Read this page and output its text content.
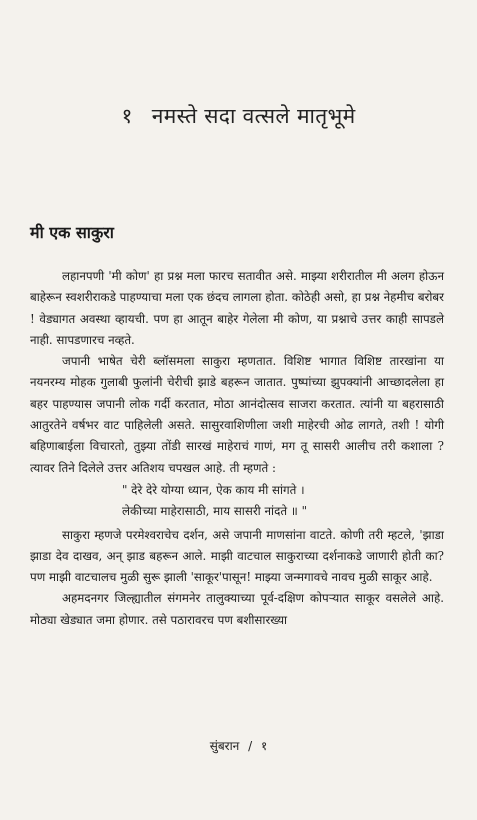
१ नमस्ते सदा वत्सले मातृभूमे
मी एक साकुरा

लहानपणी 'मी कोण' हा प्रश्न मला फारच सतावीत असे. माझ्या शरीरातील मी अलग होऊन बाहेरून स्वशरीराकडे पाहण्याचा मला एक छंदच लागला होता. कोठेही असो, हा प्रश्न नेहमीच बरोबर ! वेड्यागत अवस्था व्हायची. पण हा आतून बाहेर गेलेला मी कोण, या प्रश्नाचे उत्तर काही सापडले नाही. सापडणारच नव्हते.

जपानी भाषेत चेरी ब्लॉसमला साकुरा म्हणतात. विशिष्ट भागात विशिष्ट तारखांना या नयनरम्य मोहक गुलाबी फुलांनी चेरीची झाडे बहरून जातात. पुष्पांच्या झुपक्यांनी आच्छादलेला हा बहर पाहण्यास जपानी लोक गर्दी करतात, मोठा आनंदोत्सव साजरा करतात. त्यांनी या बहरासाठी आतुरतेने वर्षभर वाट पाहिलेली असते. सासुरवाशिणीला जशी माहेरची ओढ लागते, तशी ! योगी बहिणाबाईला विचारतो, तुझ्या तोंडी सारखं माहेराचं गाणं, मग तू सासरी आलीच तरी कशाला ? त्यावर तिने दिलेले उत्तर अतिशय चपखल आहे. ती म्हणते :

" देरे देरे योग्या ध्यान, ऐक काय मी सांगते ।
लेकीच्या माहेरासाठी, माय सासरी नांदते ॥ "

साकुरा म्हणजे परमेश्वराचेच दर्शन, असे जपानी माणसांना वाटते. कोणी तरी म्हटले, 'झाडा झाडा देव दाखव, अन् झाड बहरून आले. माझी वाटचाल साकुराच्या दर्शनाकडे जाणारी होती का? पण माझी वाटचालच मुळी सुरू झाली 'साकूर'पासून! माझ्या जन्मगावचे नावच मुळी साकूर आहे.

अहमदनगर जिल्ह्यातील संगमनेर तालुक्याच्या पूर्व-दक्षिण कोपऱ्यात साकूर वसलेले आहे. मोठ्या खेड्यात जमा होणार. तसे पठारावरच पण बशीसारख्या

सुंबरान / १
